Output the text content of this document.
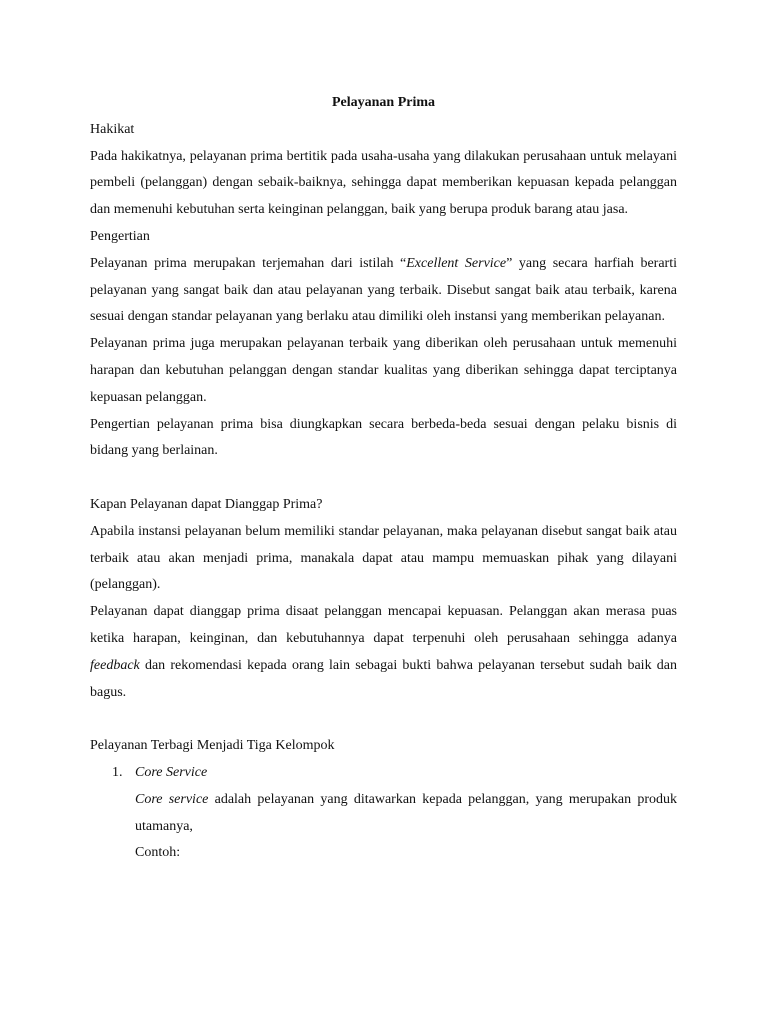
Pelayanan Prima

Hakikat

Pada hakikatnya, pelayanan prima bertitik pada usaha-usaha yang dilakukan perusahaan untuk melayani pembeli (pelanggan) dengan sebaik-baiknya, sehingga dapat memberikan kepuasan kepada pelanggan dan memenuhi kebutuhan serta keinginan pelanggan, baik yang berupa produk barang atau jasa.

Pengertian

Pelayanan prima merupakan terjemahan dari istilah “Excellent Service” yang secara harfiah berarti pelayanan yang sangat baik dan atau pelayanan yang terbaik. Disebut sangat baik atau terbaik, karena sesuai dengan standar pelayanan yang berlaku atau dimiliki oleh instansi yang memberikan pelayanan.

Pelayanan prima juga merupakan pelayanan terbaik yang diberikan oleh perusahaan untuk memenuhi harapan dan kebutuhan pelanggan dengan standar kualitas yang diberikan sehingga dapat terciptanya kepuasan pelanggan.

Pengertian pelayanan prima bisa diungkapkan secara berbeda-beda sesuai dengan pelaku bisnis di bidang yang berlainan.

Kapan Pelayanan dapat Dianggap Prima?

Apabila instansi pelayanan belum memiliki standar pelayanan, maka pelayanan disebut sangat baik atau terbaik atau akan menjadi prima, manakala dapat atau mampu memuaskan pihak yang dilayani (pelanggan).

Pelayanan dapat dianggap prima disaat pelanggan mencapai kepuasan. Pelanggan akan merasa puas ketika harapan, keinginan, dan kebutuhannya dapat terpenuhi oleh perusahaan sehingga adanya feedback dan rekomendasi kepada orang lain sebagai bukti bahwa pelayanan tersebut sudah baik dan bagus.

Pelayanan Terbagi Menjadi Tiga Kelompok

1. Core Service

Core service adalah pelayanan yang ditawarkan kepada pelanggan, yang merupakan produk utamanya,

Contoh:
